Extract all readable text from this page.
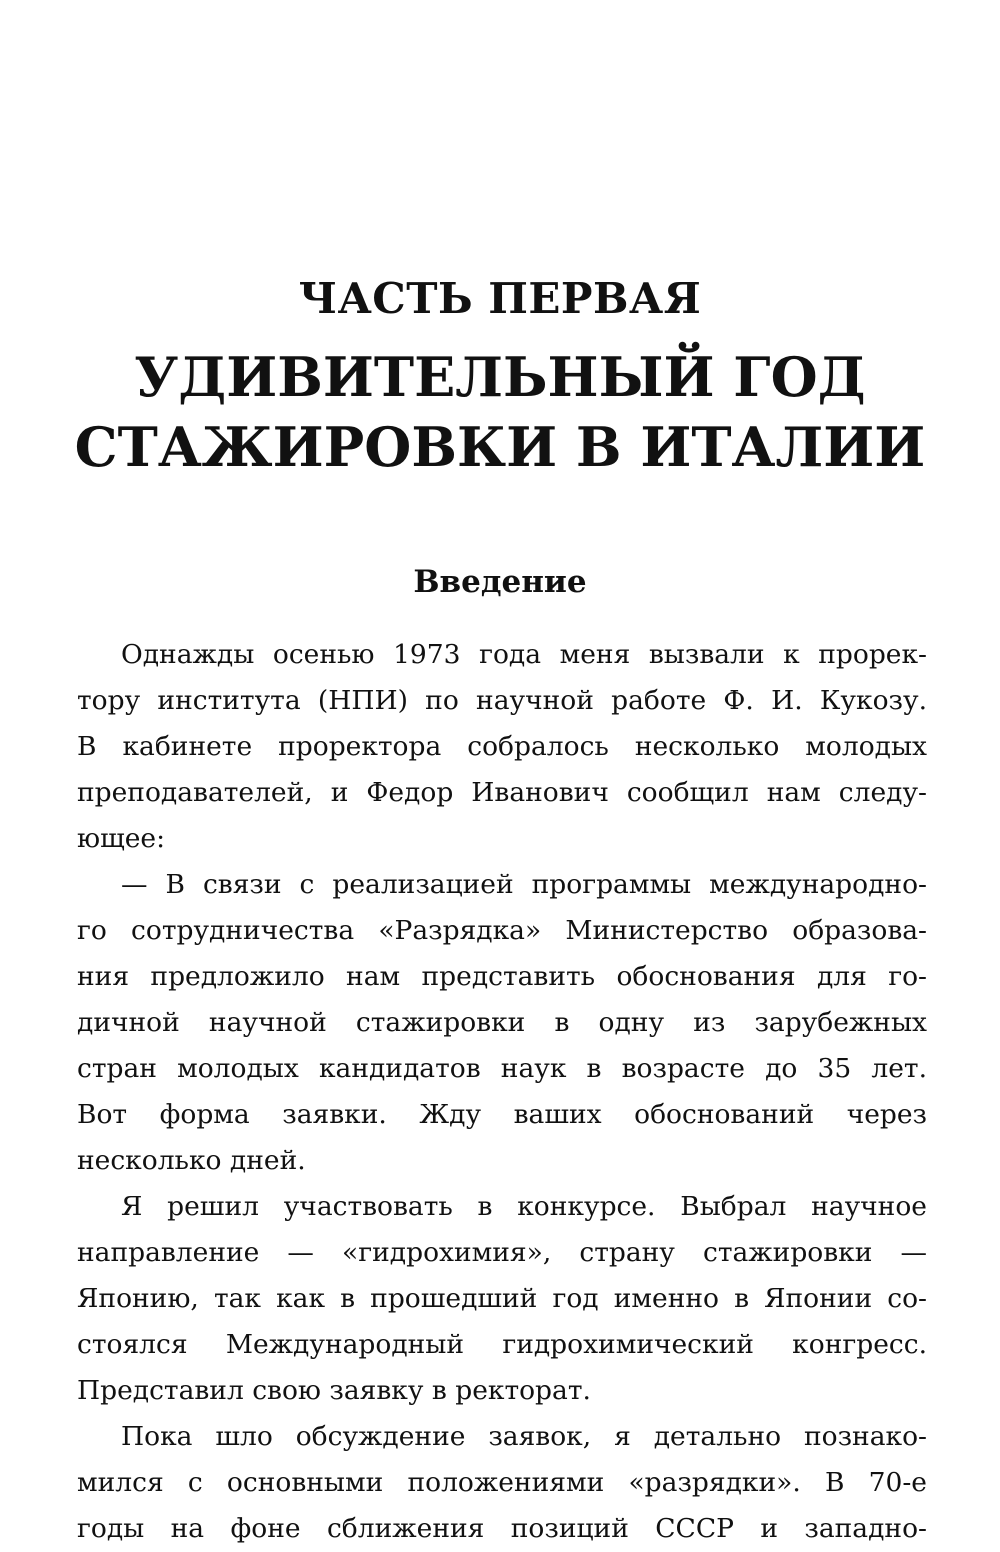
ЧАСТЬ ПЕРВАЯ
УДИВИТЕЛЬНЫЙ ГОД
СТАЖИРОВКИ В ИТАЛИИ
Введение

Однажды осенью 1973 года меня вызвали к прорек-
тору института (НПИ) по научной работе Ф. И. Кукозу.
В кабинете проректора собралось несколько молодых
преподавателей, и Федор Иванович сообщил нам следу-
ющее:

— В связи с реализацией программы международно-
го сотрудничества «Разрядка» Министерство образова-
ния предложило нам представить обоснования для го-
дичной научной стажировки в одну из зарубежных
стран молодых кандидатов наук в возрасте до 35 лет.
Вот форма заявки. Жду ваших обоснований через
несколько дней.

Я решил участвовать в конкурсе. Выбрал научное
направление — «гидрохимия», страну стажировки —
Японию, так как в прошедший год именно в Японии со-
стоялся Международный гидрохимический конгресс.
Представил свою заявку в ректорат.

Пока шло обсуждение заявок, я детально познако-
мился с основными положениями «разрядки». В 70-е
годы на фоне сближения позиций СССР и западно-
